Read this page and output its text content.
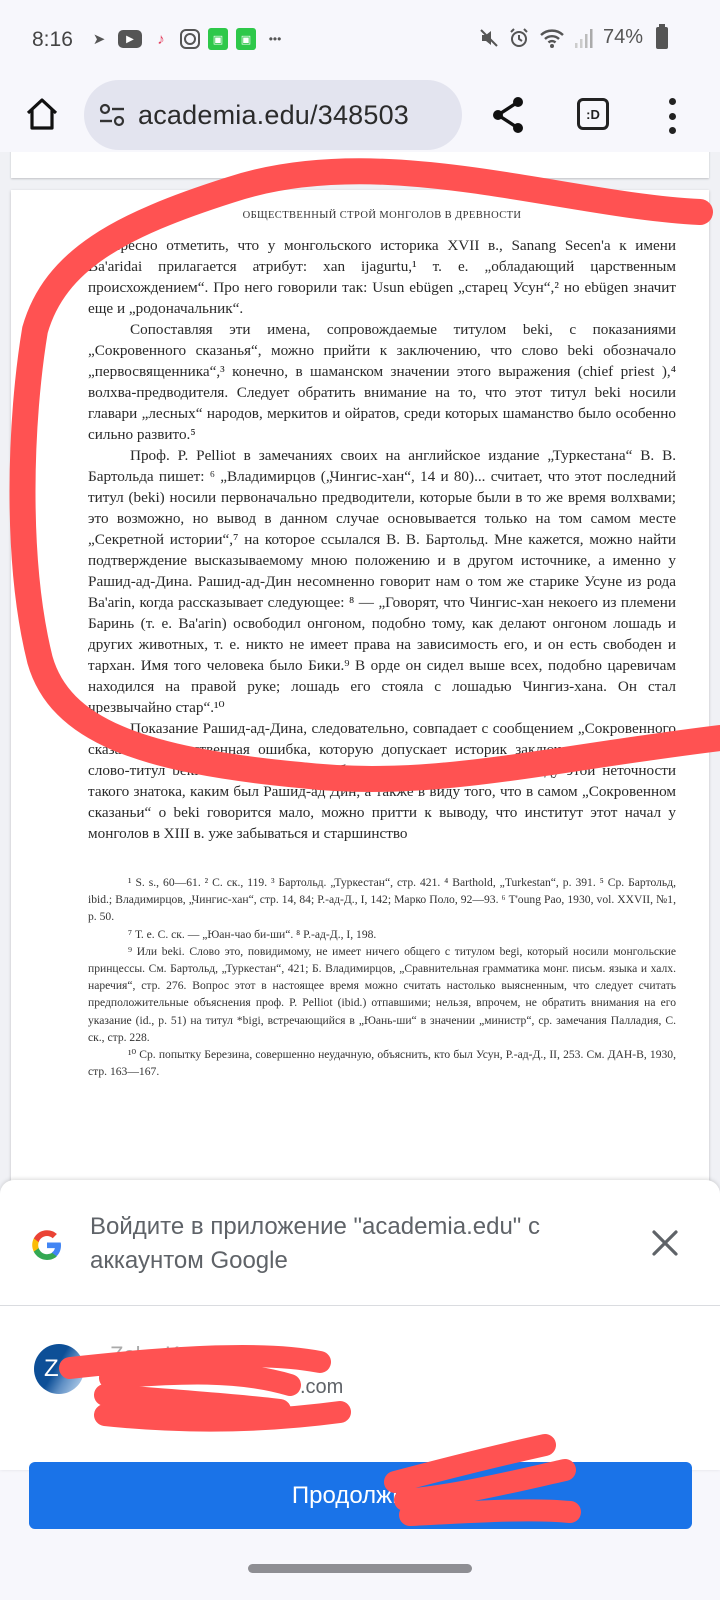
8:16	➤	▶	♪	▣	▣	•••	74%
academia.edu/348503	:D
ОБЩЕСТВЕННЫЙ СТРОЙ МОНГОЛОВ В ДРЕВНОСТИ

Интересно отметить, что у монгольского историка XVII в., Sanang Secen'a к имени Ba'aridai прилагается атрибут: xan ijagurtu,¹ т. е. „обладающий царственным происхождением“. Про него говорили так: Usun ebügen „старец Усун“,² но ebügen значит еще и „родоначальник“.

Сопоставляя эти имена, сопровождаемые титулом beki, с показаниями „Сокровенного сказанья“, можно прийти к заключению, что слово beki обозначало „первосвященника“,³ конечно, в шаманском значении этого выражения (chief priest ),⁴ волхва-предводителя. Следует обратить внимание на то, что этот титул beki носили главари „лесных“ народов, меркитов и ойратов, среди которых шаманство было особенно сильно развито.⁵

Проф. P. Pelliot в замечаниях своих на английское издание „Туркестана“ В. В. Бартольда пишет: ⁶ „Владимирцов („Чингис-хан“, 14 и 80)... считает, что этот последний титул (beki) носили первоначально предводители, которые были в то же время волхвами; это возможно, но вывод в данном случае основывается только на том самом месте „Секретной истории“,⁷ на которое ссылался В. В. Бартольд. Мне кажется, можно найти подтверждение высказываемому мною положению и в другом источнике, а именно у Рашид-ад-Дина. Рашид-ад-Дин несомненно говорит нам о том же старике Усуне из рода Ba'arin, когда рассказывает следующее: ⁸ — „Говорят, что Чингис-хан некоего из племени Баринь (т. е. Ba'arin) освободил онгоном, подобно тому, как делают онгоном лошадь и других животных, т. е. никто не имеет права на зависимость его, и он есть свободен и тархан. Имя того человека было Бики.⁹ В орде он сидел выше всех, подобно царевичам находился на правой руке; лошадь его стояла с лошадью Чингиз-хана. Он стал чрезвычайно стар“.¹⁰

Показание Рашид-ад-Дина, следовательно, совпадает с сообщением „Сокровенного сказанья“, единственная ошибка, которую допускает историк заключается в том, что слово-титул beki он принимает за собственное имя. Все-таки, в виду этой неточности такого знатока, каким был Рашид-ад Дин, а также в виду того, что в самом „Сокровенном сказаньи“ о beki говорится мало, можно притти к выводу, что институт этот начал у монголов в XIII в. уже забываться и старшинство

¹ S. s., 60—61. ² С. ск., 119. ³ Бартольд. „Туркестан“, стр. 421. ⁴ Barthold, „Turkestan“, p. 391. ⁵ Ср. Бартольд, ibid.; Владимирцов, „Чингис-хан“, стр. 14, 84; Р.-ад-Д., I, 142; Марко Поло, 92—93. ⁶ T'oung Pao, 1930, vol. XXVII, №1, p. 50.

⁷ Т. е. С. ск. — „Юан-чао би-ши“. ⁸ Р.-ад-Д., I, 198.

⁹ Или beki. Слово это, повидимому, не имеет ничего общего с титулом begi, который носили монгольские принцессы. См. Бартольд, „Туркестан“, 421; Б. Владимирцов, „Сравнительная грамматика монг. письм. языка и халх. наречия“, стр. 276. Вопрос этот в настоящее время можно считать настолько выясненным, что следует считать предположительные объяснения проф. P. Pelliot (ibid.) отпавшими; нельзя, впрочем, не обратить внимания на его указание (id., p. 51) на титул *bigi, встречающийся в „Юань-ши“ в значении „министр“, ср. замечания Палладия, С. ск., стр. 228.

¹⁰ Ср. попытку Березина, совершенно неудачную, объяснить, кто был Усун, Р.-ад-Д., II, 253. См. ДАН-В, 1930, стр. 163—167.

Войдите в приложение "academia.edu" с аккаунтом Google
Z
Zeke K
.com
Продолжить
